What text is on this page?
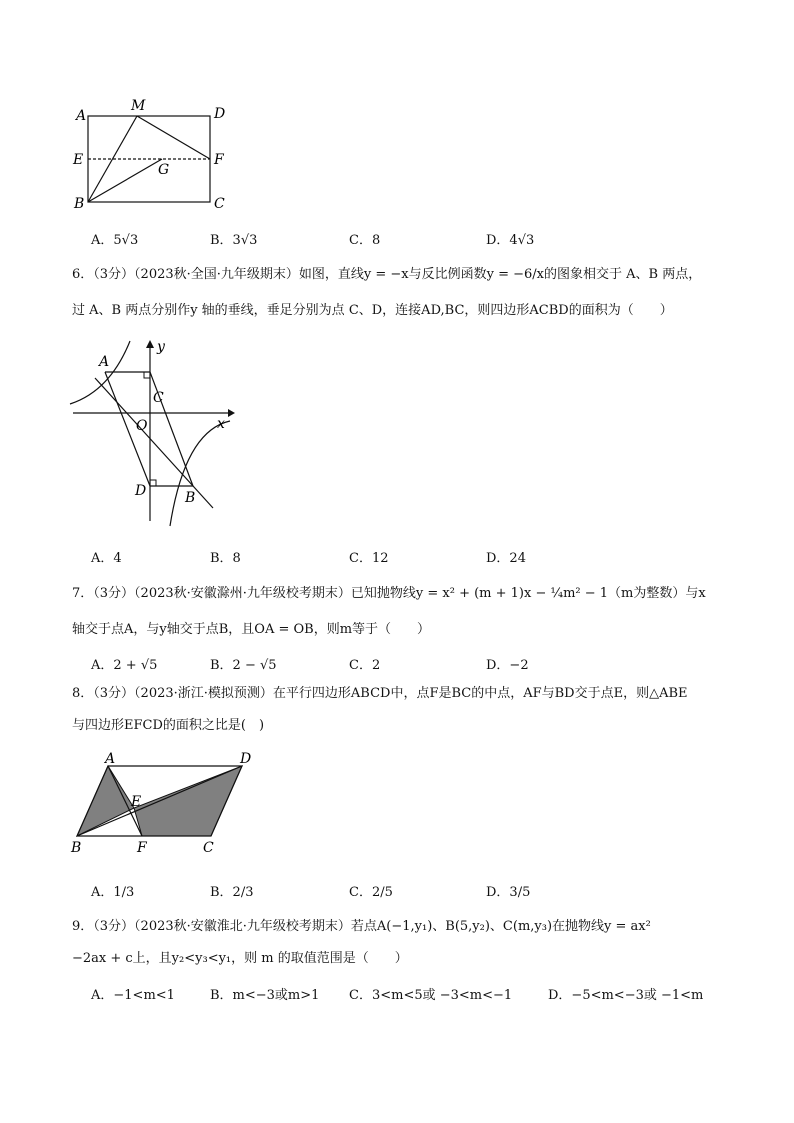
A
M	D
E	F
G
B	C
A．5√3	B．3√3	C．8	D．4√3
6．（3分）（2023秋·全国·九年级期末）如图，直线y = −x与反比例函数y = −6/x的图象相交于 A、B 两点，
过 A、B 两点分别作y 轴的垂线，垂足分别为点 C、D，连接AD,BC，则四边形ACBD的面积为（　　）
y
x
A
C
O
D	B
A．4	B．8	C．12	D．24
7．（3分）（2023秋·安徽滁州·九年级校考期末）已知抛物线y = x² + (m + 1)x − ¼m² − 1（m为整数）与x
轴交于点A，与y轴交于点B，且OA = OB，则m等于（　　）
A．2 + √5	B．2 − √5	C．2	D．−2
8．（3分）（2023·浙江·模拟预测）在平行四边形ABCD中，点F是BC的中点，AF与BD交于点E，则△ABE
与四边形EFCD的面积之比是(　)
A	D
E
B	F	C
A．1/3	B．2/3	C．2/5	D．3/5
9．（3分）（2023秋·安徽淮北·九年级校考期末）若点A(−1,y₁)、B(5,y₂)、C(m,y₃)在抛物线y = ax²
−2ax + c上，且y₂<y₃<y₁，则 m 的取值范围是（　　）
A．−1<m<1	B．m<−3或m>1 C．3<m<5或 −3<m<−1	D．−5<m<−3或 −1<m
